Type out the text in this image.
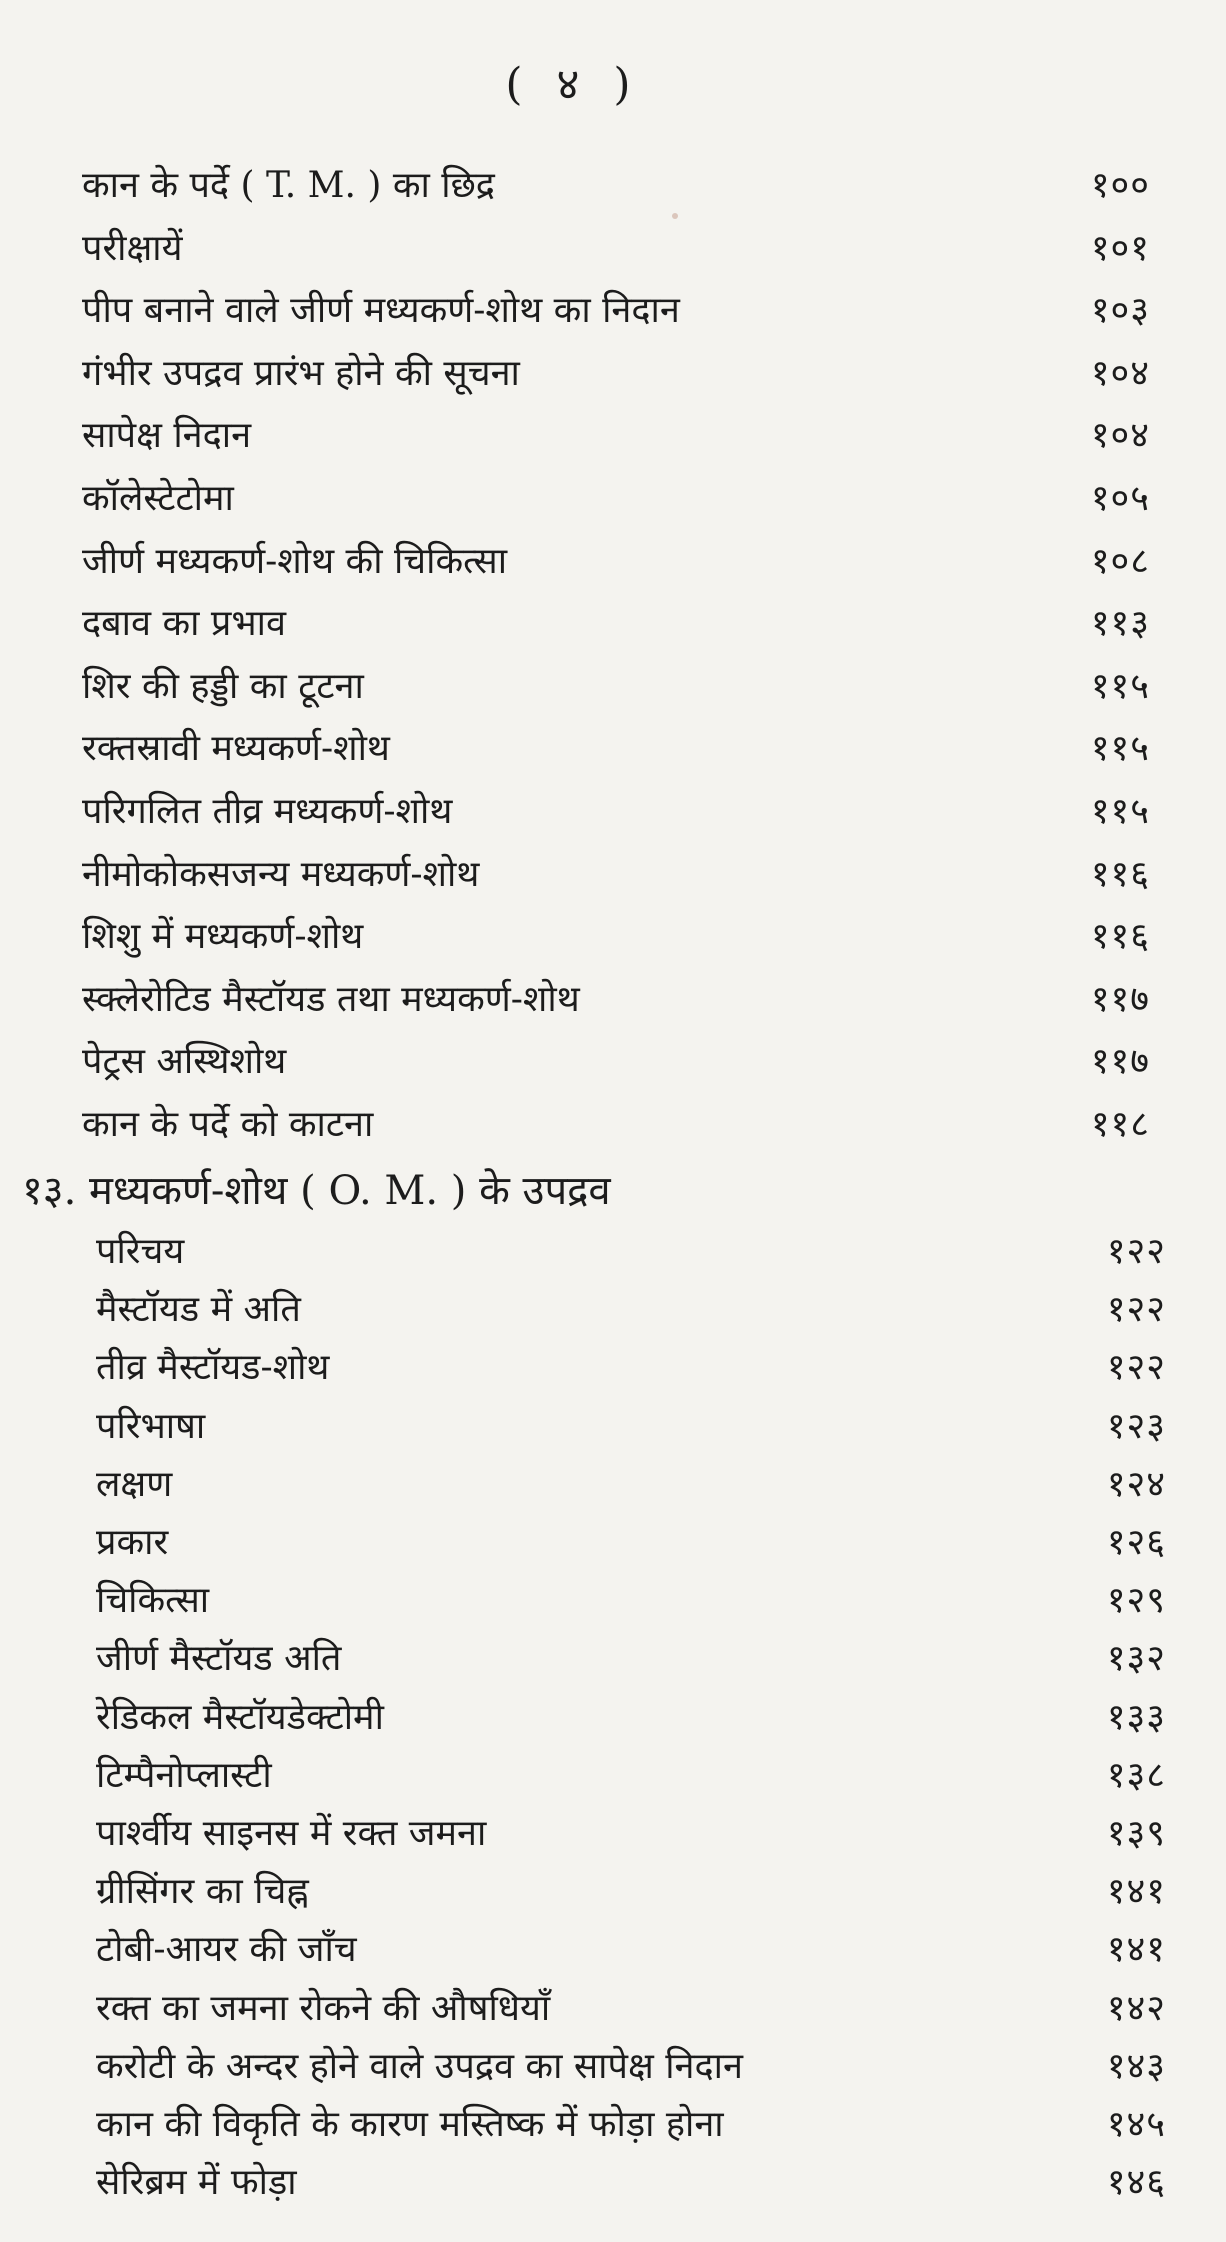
( ४ )
कान के पर्दे ( T. M. ) का छिद्र	१००
परीक्षायें	१०१
पीप बनाने वाले जीर्ण मध्यकर्ण-शोथ का निदान	१०३
गंभीर उपद्रव प्रारंभ होने की सूचना	१०४
सापेक्ष निदान	१०४
कॉलेस्टेटोमा	१०५
जीर्ण मध्यकर्ण-शोथ की चिकित्सा	१०८
दबाव का प्रभाव	११३
शिर की हड्डी का टूटना	११५
रक्तस्रावी मध्यकर्ण-शोथ	११५
परिगलित तीव्र मध्यकर्ण-शोथ	११५
नीमोकोकसजन्य मध्यकर्ण-शोथ	११६
शिशु में मध्यकर्ण-शोथ	११६
स्क्लेरोटिड मैस्टॉयड तथा मध्यकर्ण-शोथ	११७
पेट्रस अस्थिशोथ	११७
कान के पर्दे को काटना	११८
१३. मध्यकर्ण-शोथ ( O. M. ) के उपद्रव
परिचय	१२२
मैस्टॉयड में अति	१२२
तीव्र मैस्टॉयड-शोथ	१२२
परिभाषा	१२३
लक्षण	१२४
प्रकार	१२६
चिकित्सा	१२९
जीर्ण मैस्टॉयड अति	१३२
रेडिकल मैस्टॉयडेक्टोमी	१३३
टिम्पैनोप्लास्टी	१३८
पार्श्वीय साइनस में रक्त जमना	१३९
ग्रीसिंगर का चिह्न	१४१
टोबी-आयर की जाँच	१४१
रक्त का जमना रोकने की औषधियाँ	१४२
करोटी के अन्दर होने वाले उपद्रव का सापेक्ष निदान	१४३
कान की विकृति के कारण मस्तिष्क में फोड़ा होना	१४५
सेरिब्रम में फोड़ा	१४६
